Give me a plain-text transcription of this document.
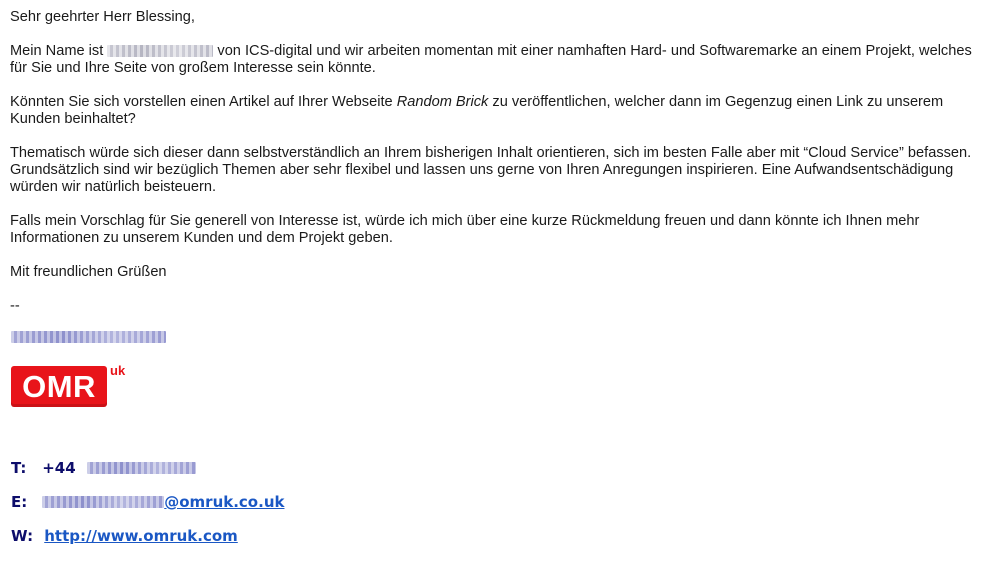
Sehr geehrter Herr Blessing,

Mein Name ist	von ICS-digital und wir arbeiten momentan mit einer namhaften Hard- und Softwaremarke an einem Projekt, welches für Sie und Ihre Seite von großem Interesse sein könnte.

Könnten Sie sich vorstellen einen Artikel auf Ihrer Webseite Random Brick zu veröffentlichen, welcher dann im Gegenzug einen Link zu unserem Kunden beinhaltet?

Thematisch würde sich dieser dann selbstverständlich an Ihrem bisherigen Inhalt orientieren, sich im besten Falle aber mit “Cloud Service” befassen. Grundsätzlich sind wir bezüglich Themen aber sehr flexibel und lassen uns gerne von Ihren Anregungen inspirieren. Eine Aufwandsentschädigung würden wir natürlich beisteuern.

Falls mein Vorschlag für Sie generell von Interesse ist, würde ich mich über eine kurze Rückmeldung freuen und dann könnte ich Ihnen mehr Informationen zu unserem Kunden und dem Projekt geben.

Mit freundlichen Grüßen

--

OMR	uk
T: +44
E:	@omruk.co.uk
W: http://www.omruk.com
